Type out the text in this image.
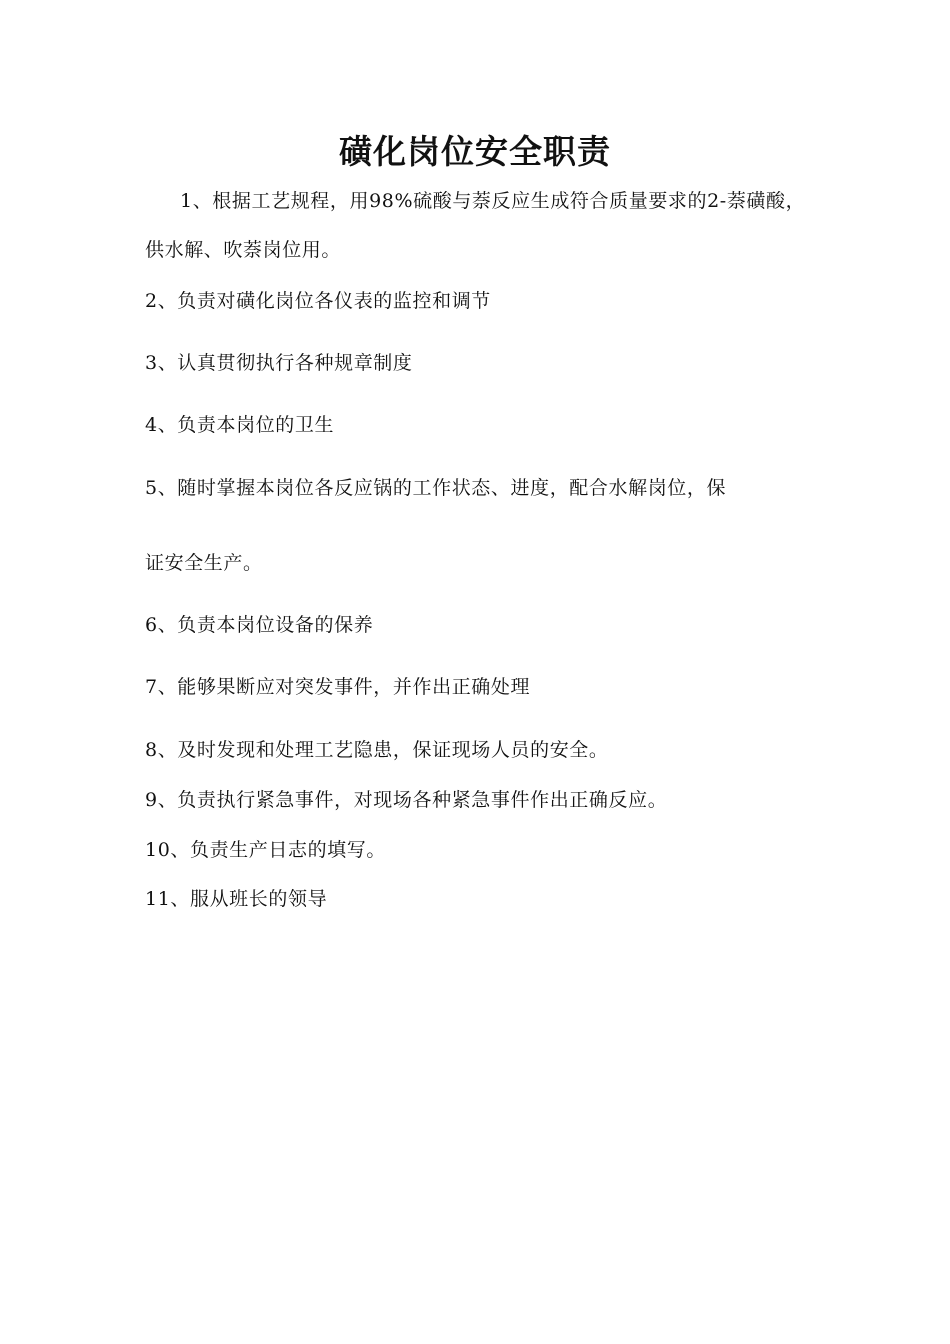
磺化岗位安全职责
1、根据工艺规程，用98%硫酸与萘反应生成符合质量要求的2-萘磺酸，
供水解、吹萘岗位用。
2、负责对磺化岗位各仪表的监控和调节
3、认真贯彻执行各种规章制度
4、负责本岗位的卫生
5、随时掌握本岗位各反应锅的工作状态、进度，配合水解岗位，保
证安全生产。
6、负责本岗位设备的保养
7、能够果断应对突发事件，并作出正确处理
8、及时发现和处理工艺隐患，保证现场人员的安全。
9、负责执行紧急事件，对现场各种紧急事件作出正确反应。
10、负责生产日志的填写。
11、服从班长的领导
